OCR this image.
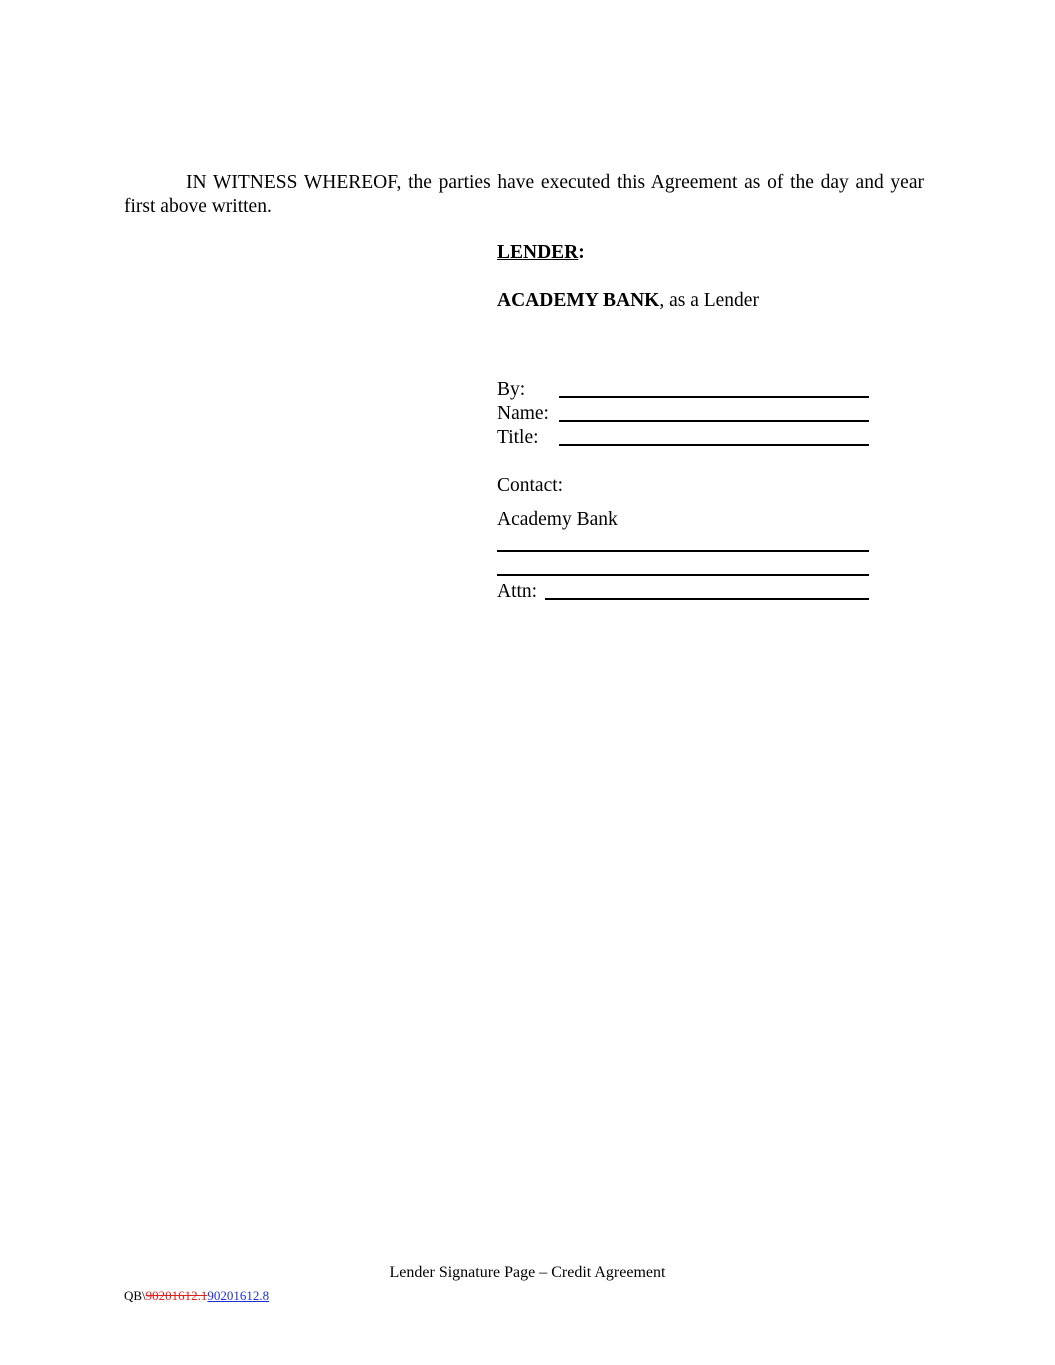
IN WITNESS WHEREOF, the parties have executed this Agreement as of the day and year first above written.

LENDER:
ACADEMY BANK, as a Lender
By:
Name:
Title:
Contact:
Academy Bank
Attn:
Lender Signature Page – Credit Agreement
QB\90201612.190201612.8
